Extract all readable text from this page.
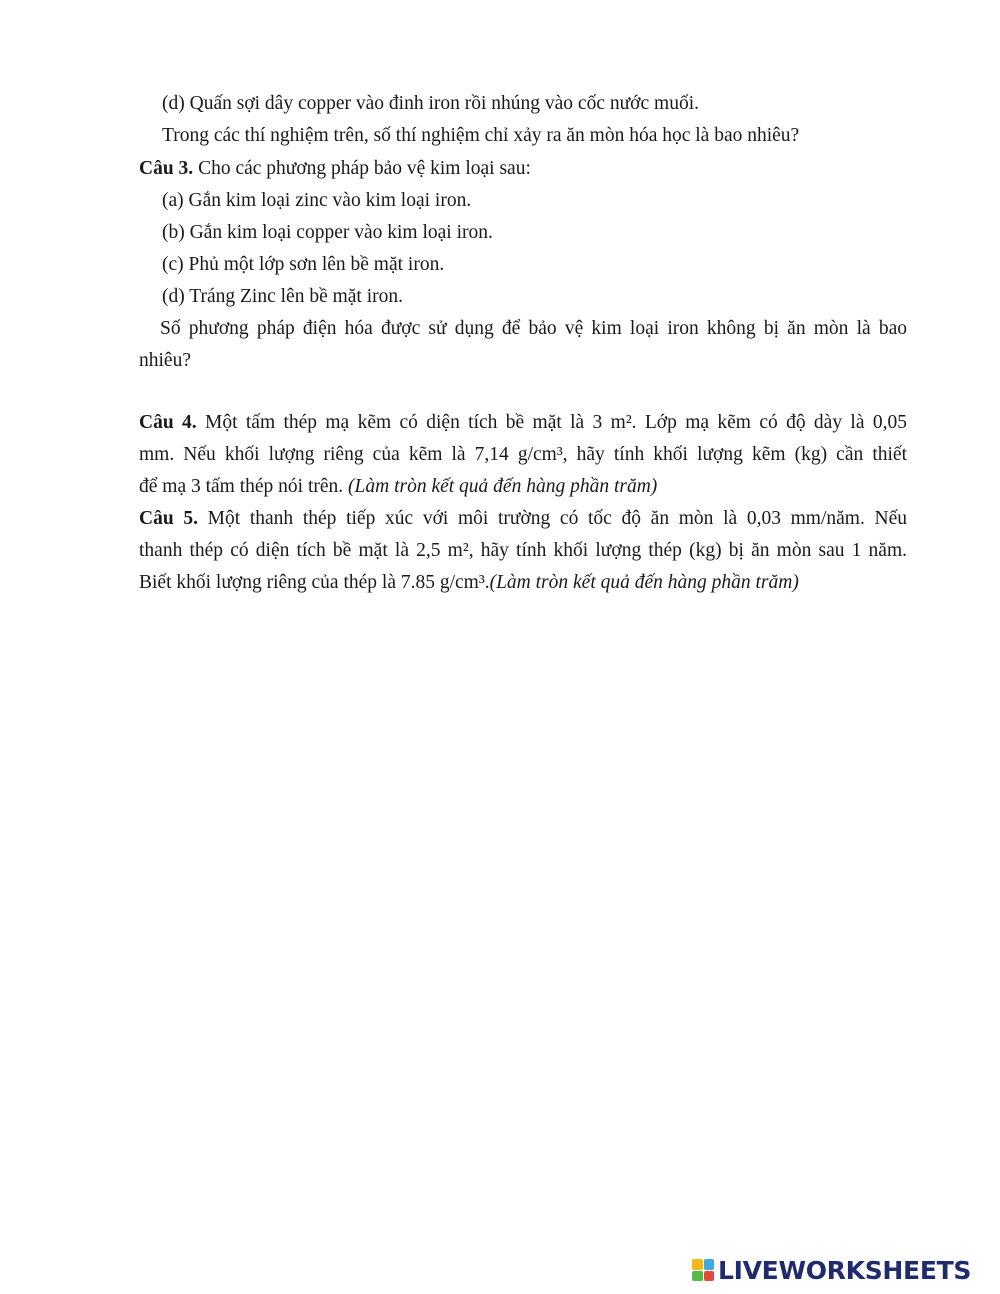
(d) Quấn sợi dây copper vào đinh iron rồi nhúng vào cốc nước muối.
Trong các thí nghiệm trên, số thí nghiệm chỉ xảy ra ăn mòn hóa học là bao nhiêu?
Câu 3. Cho các phương pháp bảo vệ kim loại sau:
(a) Gắn kim loại zinc vào kim loại iron.
(b) Gắn kim loại copper vào kim loại iron.
(c) Phủ một lớp sơn lên bề mặt iron.
(d) Tráng Zinc lên bề mặt iron.
Số phương pháp điện hóa được sử dụng để bảo vệ kim loại iron không bị ăn mòn là bao
nhiêu?
Câu 4. Một tấm thép mạ kẽm có diện tích bề mặt là 3 m². Lớp mạ kẽm có độ dày là 0,05
mm. Nếu khối lượng riêng của kẽm là 7,14 g/cm³, hãy tính khối lượng kẽm (kg) cần thiết
để mạ 3 tấm thép nói trên. (Làm tròn kết quả đến hàng phần trăm)
Câu 5. Một thanh thép tiếp xúc với môi trường có tốc độ ăn mòn là 0,03 mm/năm. Nếu
thanh thép có diện tích bề mặt là 2,5 m², hãy tính khối lượng thép (kg) bị ăn mòn sau 1 năm.
Biết khối lượng riêng của thép là 7.85 g/cm³.(Làm tròn kết quả đến hàng phần trăm)
LIVEWORKSHEETS
